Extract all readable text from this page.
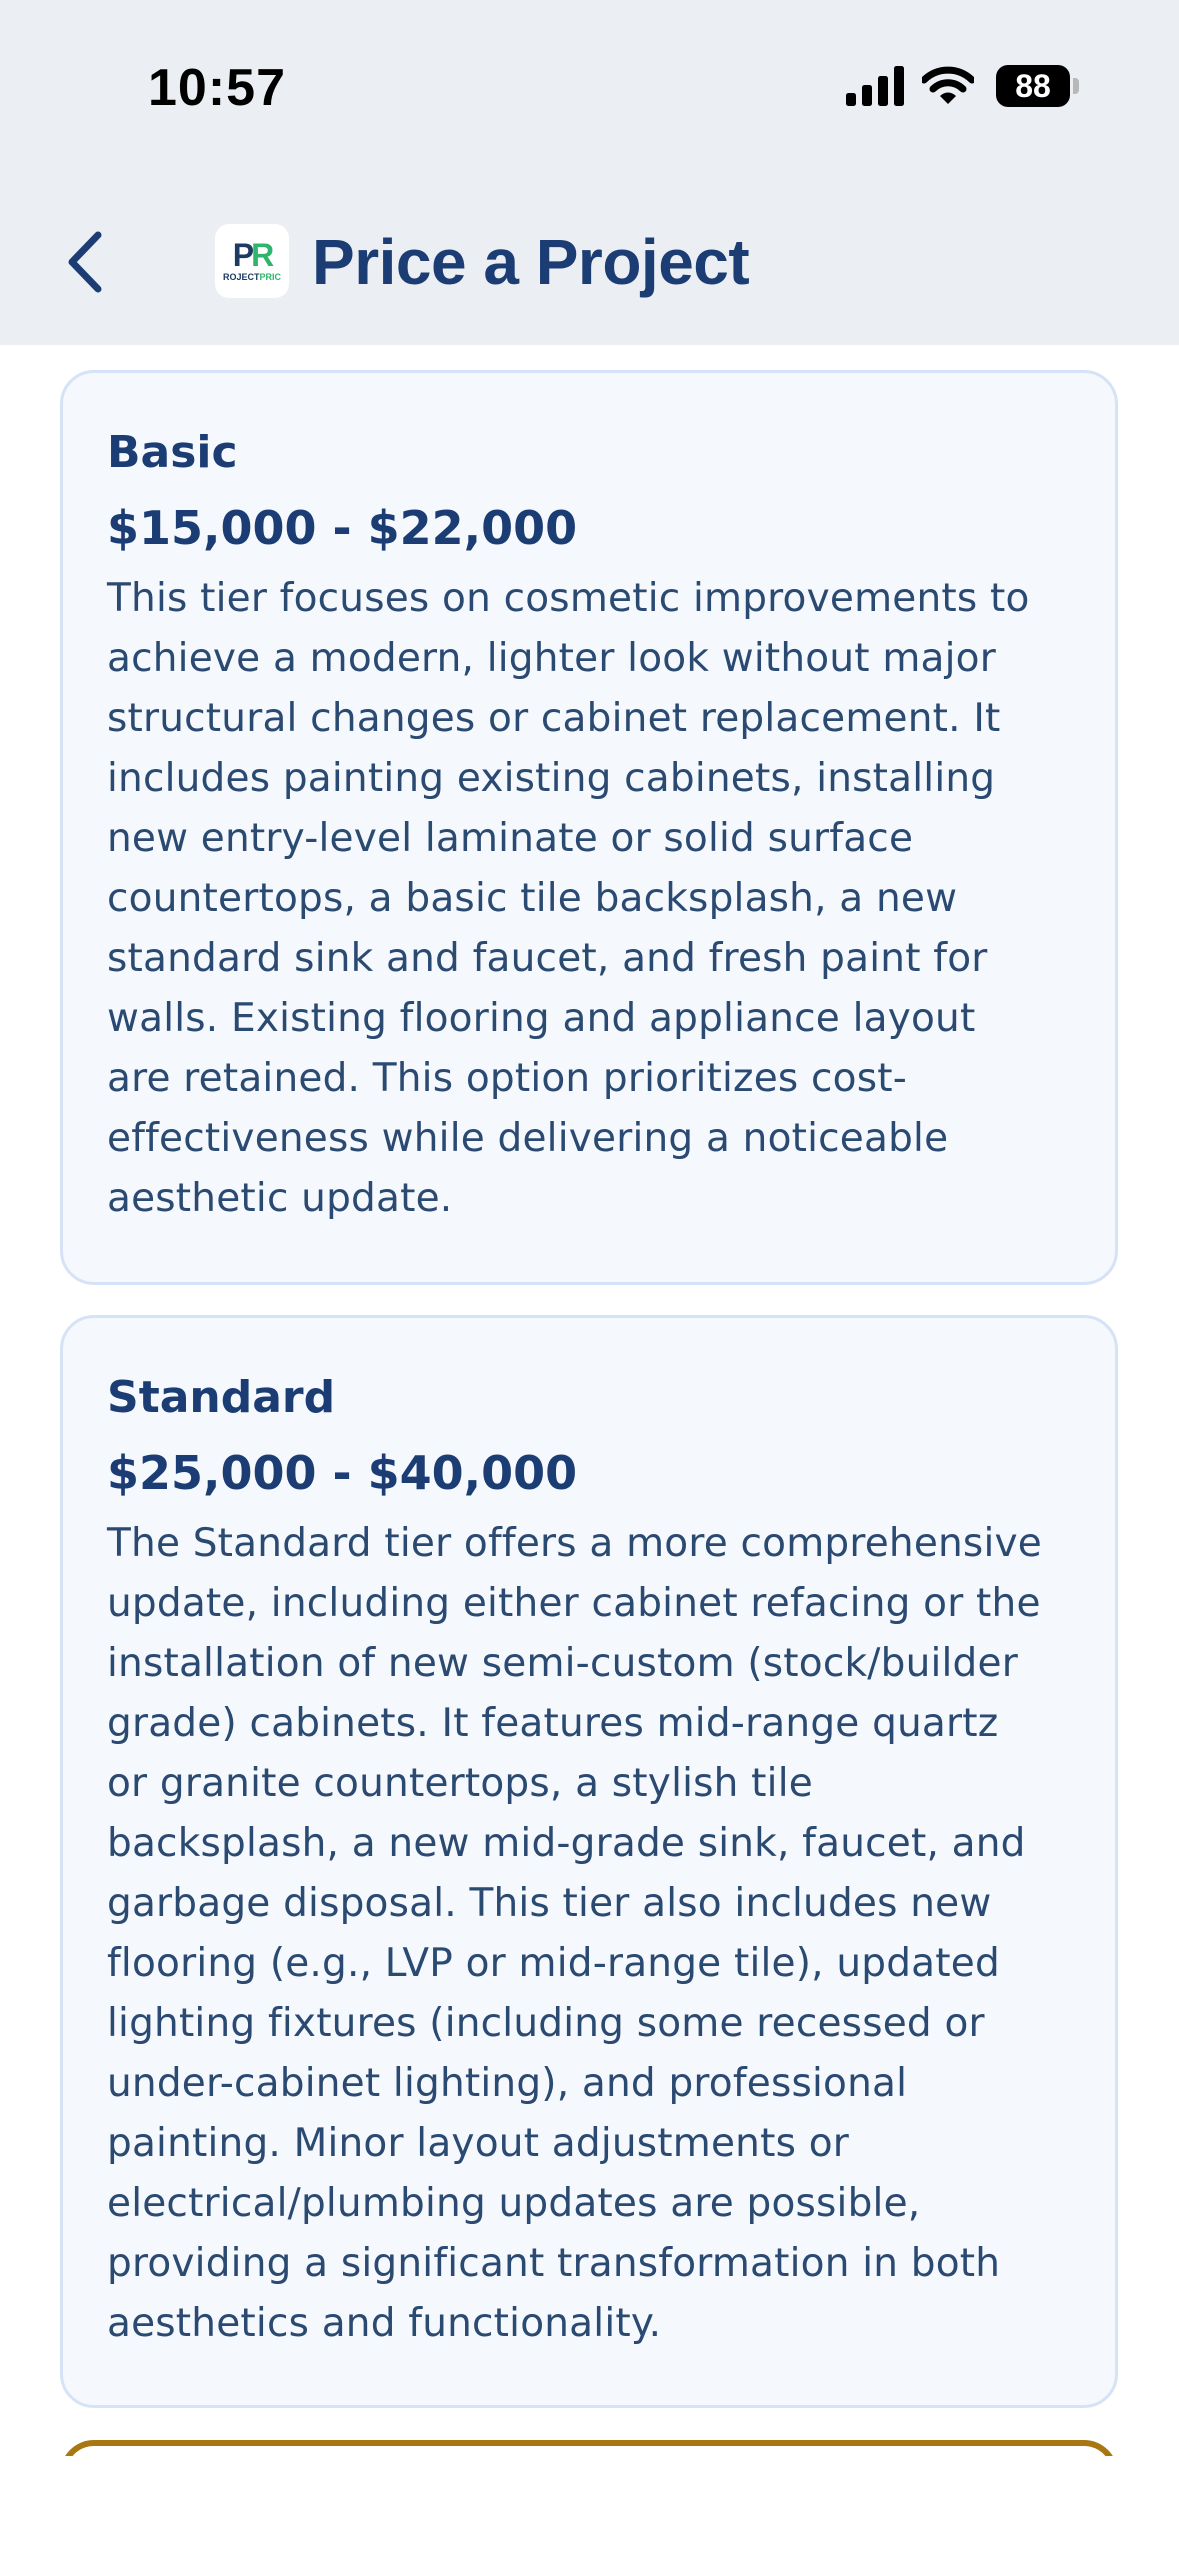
10:57	88
PR
ROJECTPRIC Price a Project
Basic
$15,000 - $22,000

This tier focuses on cosmetic improvements to
achieve a modern, lighter look without major
structural changes or cabinet replacement. It
includes painting existing cabinets, installing
new entry-level laminate or solid surface
countertops, a basic tile backsplash, a new
standard sink and faucet, and fresh paint for
walls. Existing flooring and appliance layout
are retained. This option prioritizes cost-
effectiveness while delivering a noticeable
aesthetic update.

Standard
$25,000 - $40,000

The Standard tier offers a more comprehensive
update, including either cabinet refacing or the
installation of new semi-custom (stock/builder
grade) cabinets. It features mid-range quartz
or granite countertops, a stylish tile
backsplash, a new mid-grade sink, faucet, and
garbage disposal. This tier also includes new
flooring (e.g., LVP or mid-range tile), updated
lighting fixtures (including some recessed or
under-cabinet lighting), and professional
painting. Minor layout adjustments or
electrical/plumbing updates are possible,
providing a significant transformation in both
aesthetics and functionality.
